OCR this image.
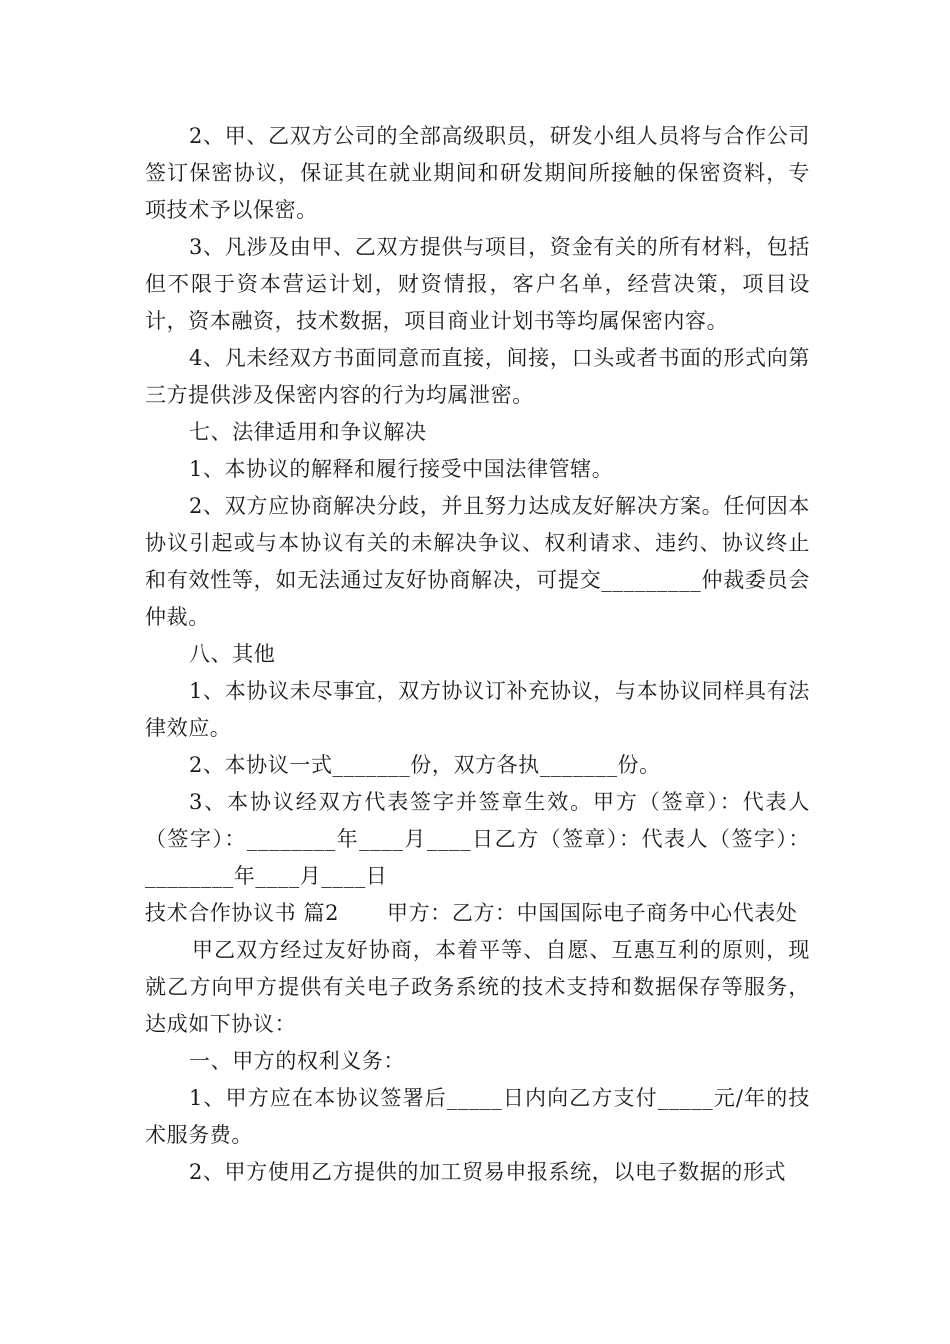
2、甲、乙双方公司的全部高级职员，研发小组人员将与合作公司签订保密协议，保证其在就业期间和研发期间所接触的保密资料，专项技术予以保密。

3、凡涉及由甲、乙双方提供与项目，资金有关的所有材料，包括但不限于资本营运计划，财资情报，客户名单，经营决策，项目设计，资本融资，技术数据，项目商业计划书等均属保密内容。

4、凡未经双方书面同意而直接，间接，口头或者书面的形式向第三方提供涉及保密内容的行为均属泄密。

七、法律适用和争议解决

1、本协议的解释和履行接受中国法律管辖。

2、双方应协商解决分歧，并且努力达成友好解决方案。任何因本协议引起或与本协议有关的未解决争议、权利请求、违约、协议终止和有效性等，如无法通过友好协商解决，可提交_________仲裁委员会仲裁。

八、其他

1、本协议未尽事宜，双方协议订补充协议，与本协议同样具有法律效应。

2、本协议一式_______份，双方各执_______份。

3、本协议经双方代表签字并签章生效。甲方（签章）：代表人（签字）：________年____月____日乙方（签章）：代表人（签字）：________年____月____日

技术合作协议书 篇2 甲方：乙方：中国国际电子商务中心代表处

甲乙双方经过友好协商，本着平等、自愿、互惠互利的原则，现就乙方向甲方提供有关电子政务系统的技术支持和数据保存等服务，达成如下协议：

一、甲方的权利义务：

1、甲方应在本协议签署后_____日内向乙方支付_____元/年的技术服务费。

2、甲方使用乙方提供的加工贸易申报系统，以电子数据的形式
